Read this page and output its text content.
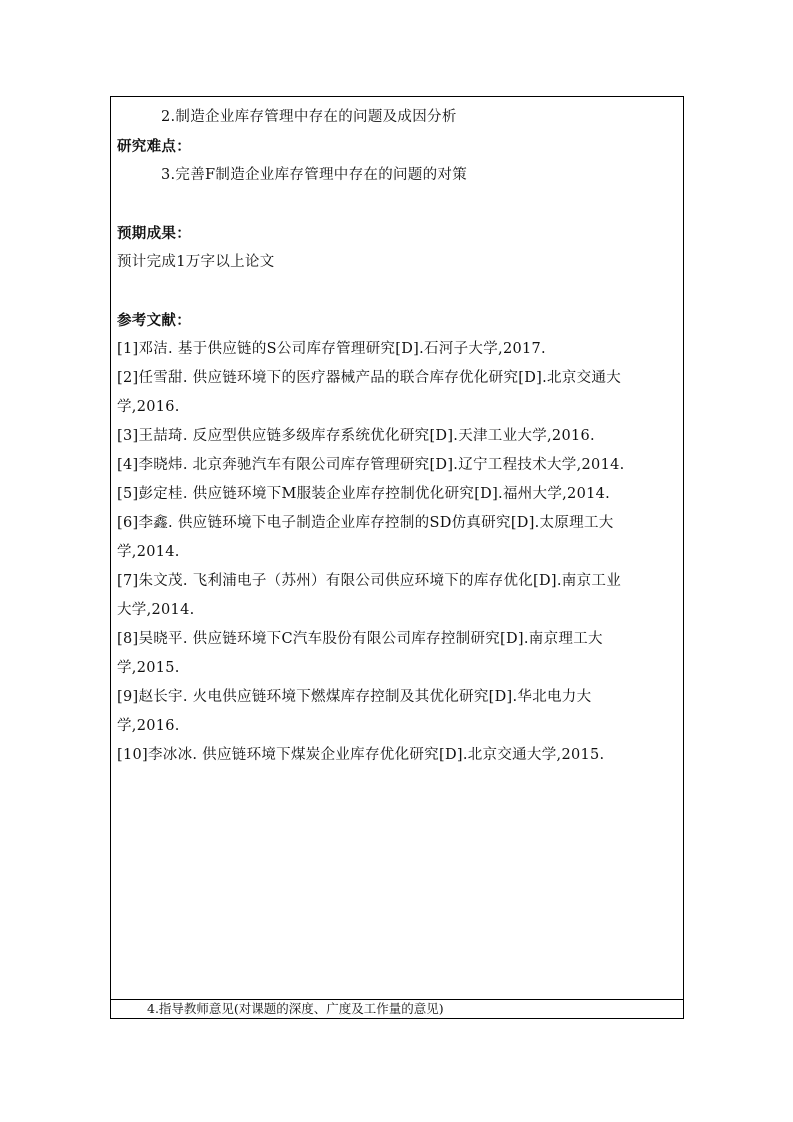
2.制造企业库存管理中存在的问题及成因分析
研究难点：
3.完善F制造企业库存管理中存在的问题的对策
预期成果：
预计完成1万字以上论文
参考文献：
[1]邓洁. 基于供应链的S公司库存管理研究[D].石河子大学,2017.
[2]任雪甜. 供应链环境下的医疗器械产品的联合库存优化研究[D].北京交通大
学,2016.
[3]王喆琦. 反应型供应链多级库存系统优化研究[D].天津工业大学,2016.
[4]李晓炜. 北京奔驰汽车有限公司库存管理研究[D].辽宁工程技术大学,2014.
[5]彭定桂. 供应链环境下M服装企业库存控制优化研究[D].福州大学,2014.
[6]李鑫. 供应链环境下电子制造企业库存控制的SD仿真研究[D].太原理工大
学,2014.
[7]朱文茂. 飞利浦电子（苏州）有限公司供应环境下的库存优化[D].南京工业
大学,2014.
[8]吴晓平. 供应链环境下C汽车股份有限公司库存控制研究[D].南京理工大
学,2015.
[9]赵长宇. 火电供应链环境下燃煤库存控制及其优化研究[D].华北电力大
学,2016.
[10]李冰冰. 供应链环境下煤炭企业库存优化研究[D].北京交通大学,2015.
4.指导教师意见(对课题的深度、广度及工作量的意见)
